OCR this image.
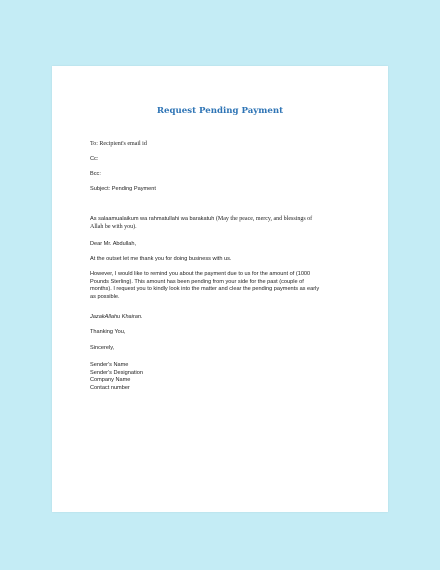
Request Pending Payment
To: Recipient's email id
Cc:
Bcc:
Subject: Pending Payment
As salaamualaikum wa rahmatullahi wa barakatuh (May the peace, mercy, and blessings of
Allah be with you).
Dear Mr. Abdullah,
At the outset let me thank you for doing business with us.
However, I would like to remind you about the payment due to us for the amount of (1000
Pounds Sterling). This amount has been pending from your side for the past (couple of
months). I request you to kindly look into the matter and clear the pending payments as early
as possible.
JazakAllahu Khairan.
Thanking You,
Sincerely,
Sender's Name
Sender's Designation
Company Name
Contact number
